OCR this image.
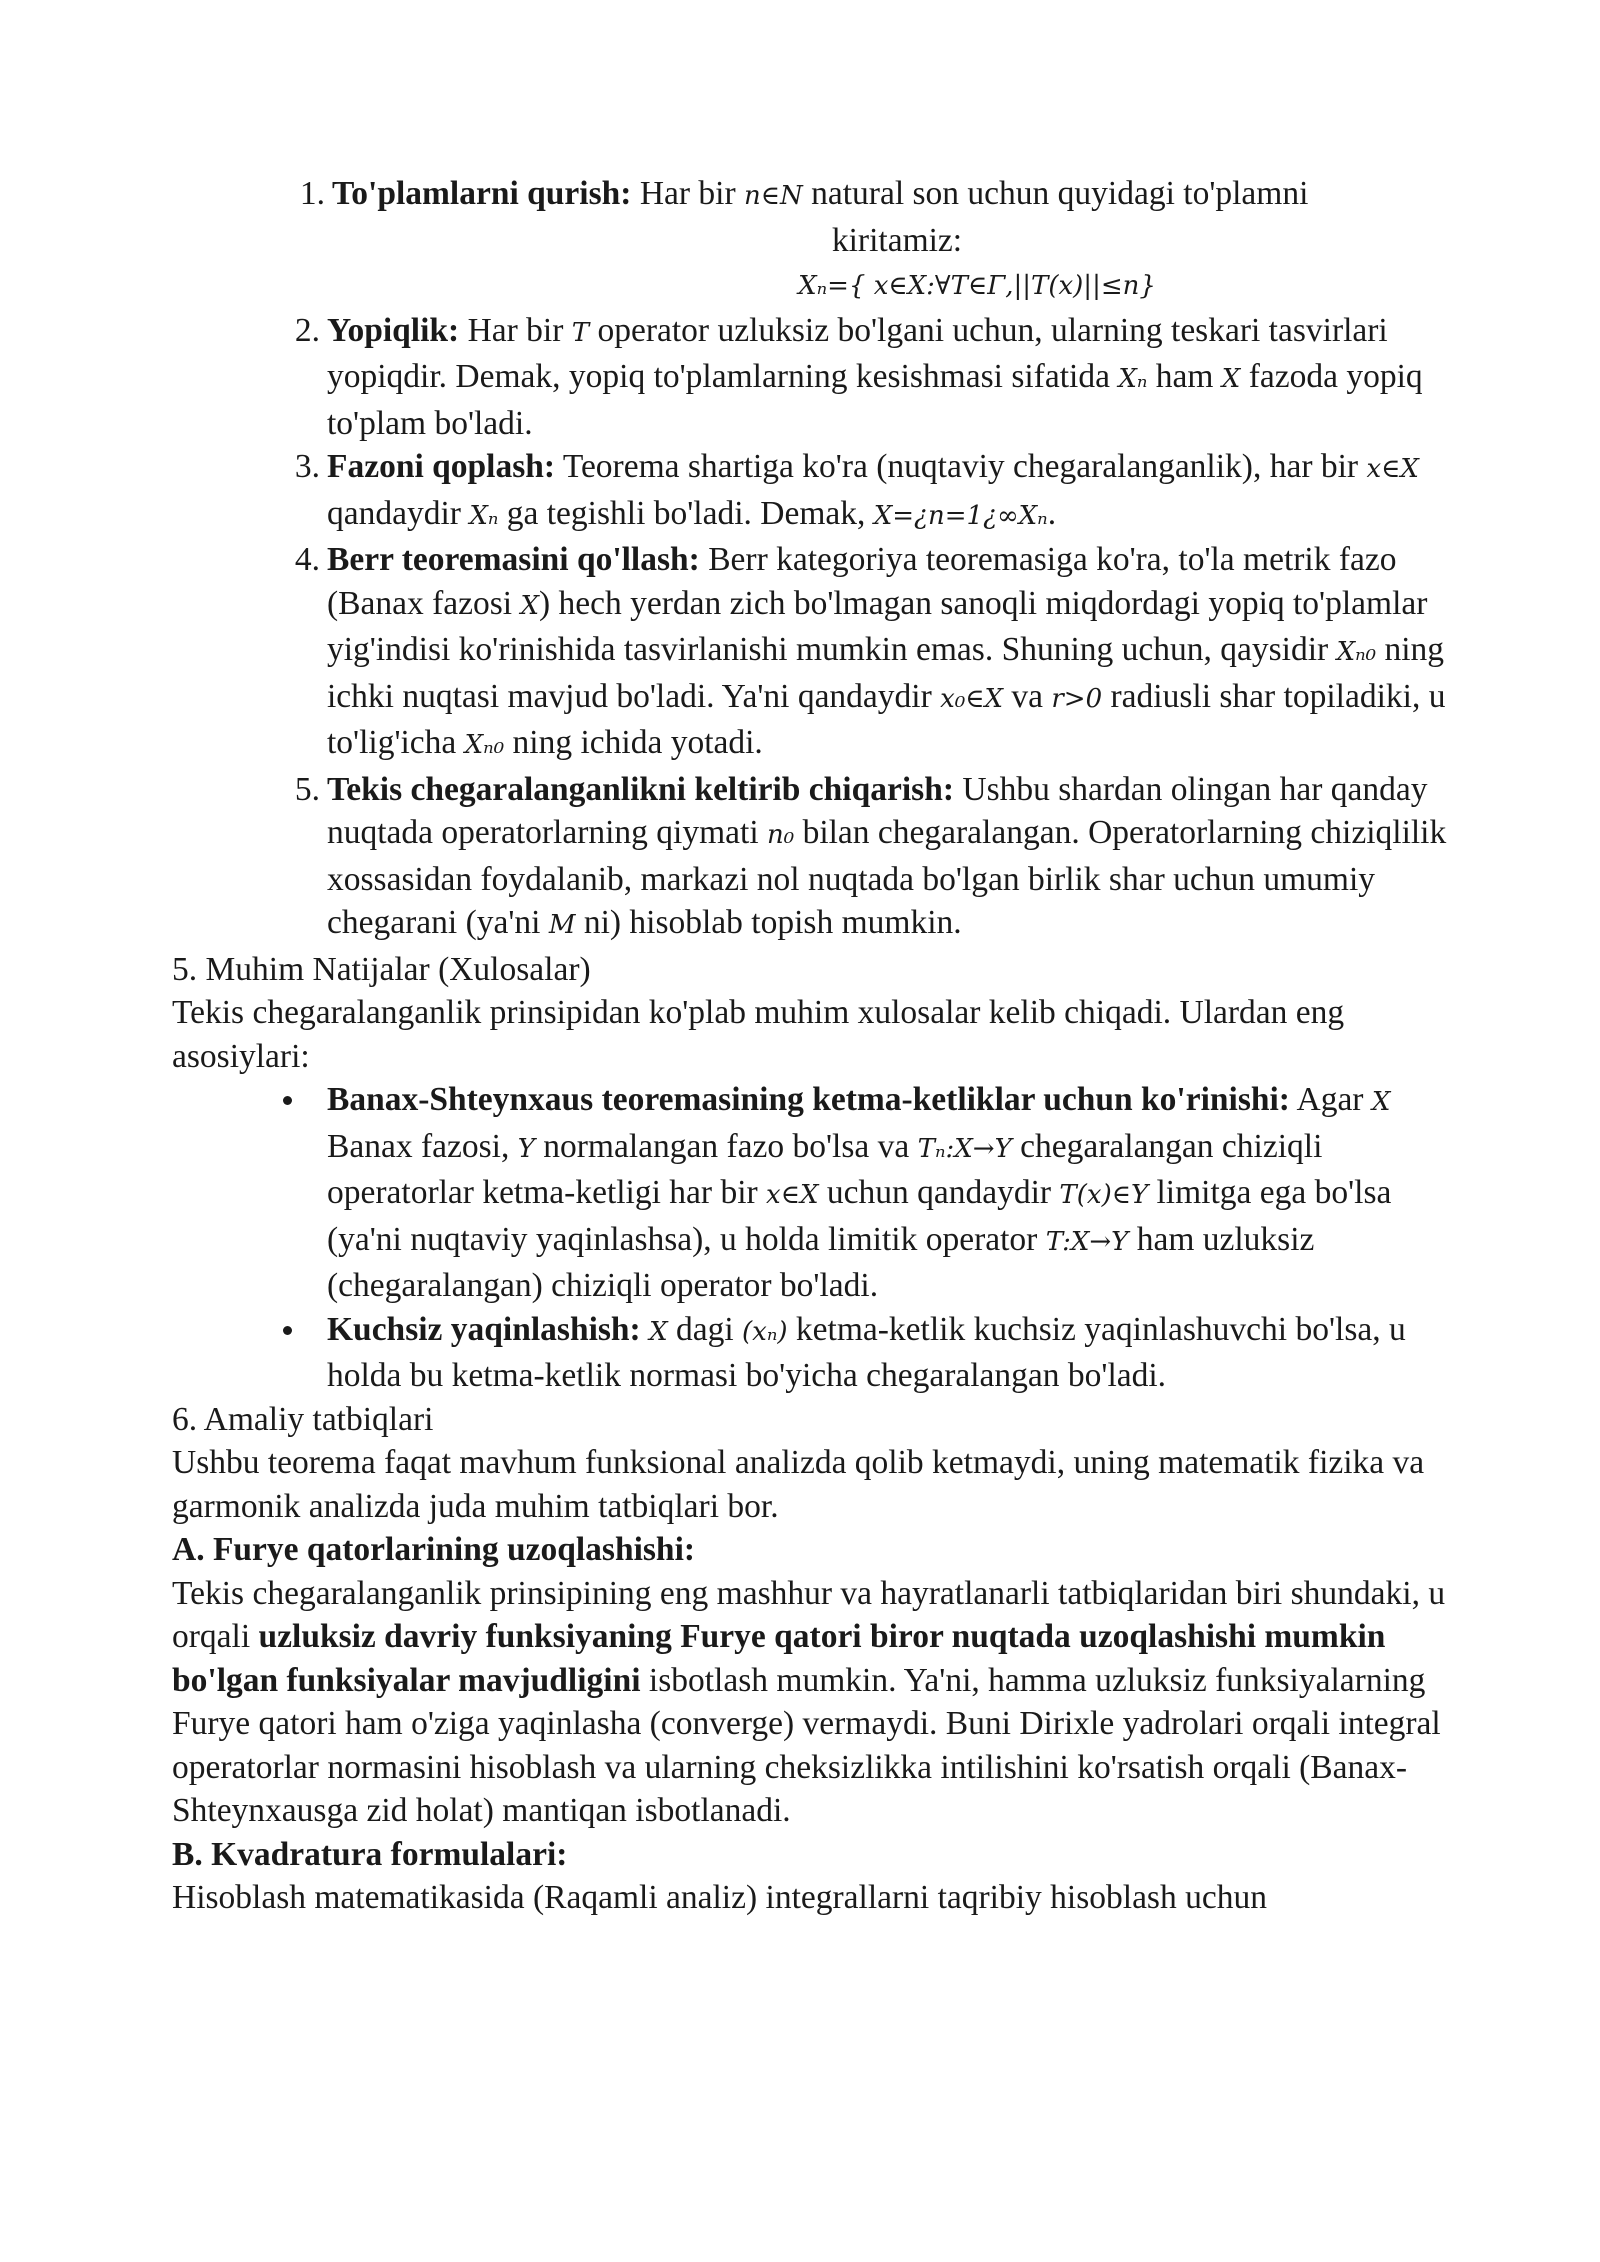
1. To'plamlarni qurish: Har bir n∈N natural son uchun quyidagi to'plamni

kiritamiz:

Xₙ={ x∈X:∀T∈Γ,||T(x)||≤n}

2. Yopiqlik: Har bir T operator uzluksiz bo'lgani uchun, ularning teskari tasvirlari yopiqdir. Demak, yopiq to'plamlarning kesishmasi sifatida Xₙ ham X fazoda yopiq to'plam bo'ladi.

3. Fazoni qoplash: Teorema shartiga ko'ra (nuqtaviy chegaralanganlik), har bir x∈X qandaydir Xₙ ga tegishli bo'ladi. Demak, X=¿n=1¿∞Xₙ.

4. Berr teoremasini qo'llash: Berr kategoriya teoremasiga ko'ra, to'la metrik fazo (Banax fazosi X) hech yerdan zich bo'lmagan sanoqli miqdordagi yopiq to'plamlar yig'indisi ko'rinishida tasvirlanishi mumkin emas. Shuning uchun, qaysidir Xₙ₀ ning ichki nuqtasi mavjud bo'ladi. Ya'ni qandaydir x₀∈X va r>0 radiusli shar topiladiki, u to'lig'icha Xₙ₀ ning ichida yotadi.

5. Tekis chegaralanganlikni keltirib chiqarish: Ushbu shardan olingan har qanday nuqtada operatorlarning qiymati n₀ bilan chegaralangan. Operatorlarning chiziqlilik xossasidan foydalanib, markazi nol nuqtada bo'lgan birlik shar uchun umumiy chegarani (ya'ni M ni) hisoblab topish mumkin.

5. Muhim Natijalar (Xulosalar)

Tekis chegaralanganlik prinsipidan ko'plab muhim xulosalar kelib chiqadi. Ulardan eng asosiylari:

Banax-Shteynxaus teoremasining ketma-ketliklar uchun ko'rinishi: Agar X Banax fazosi, Y normalangan fazo bo'lsa va Tₙ:X→Y chegaralangan chiziqli operatorlar ketma-ketligi har bir x∈X uchun qandaydir T(x)∈Y limitga ega bo'lsa (ya'ni nuqtaviy yaqinlashsa), u holda limitik operator T:X→Y ham uzluksiz (chegaralangan) chiziqli operator bo'ladi.

Kuchsiz yaqinlashish: X dagi (xₙ) ketma-ketlik kuchsiz yaqinlashuvchi bo'lsa, u holda bu ketma-ketlik normasi bo'yicha chegaralangan bo'ladi.

6. Amaliy tatbiqlari

Ushbu teorema faqat mavhum funksional analizda qolib ketmaydi, uning matematik fizika va garmonik analizda juda muhim tatbiqlari bor.

A. Furye qatorlarining uzoqlashishi:

Tekis chegaralanganlik prinsipining eng mashhur va hayratlanarli tatbiqlaridan biri shundaki, u orqali uzluksiz davriy funksiyaning Furye qatori biror nuqtada uzoqlashishi mumkin bo'lgan funksiyalar mavjudligini isbotlash mumkin. Ya'ni, hamma uzluksiz funksiyalarning Furye qatori ham o'ziga yaqinlasha (converge) vermaydi. Buni Dirixle yadrolari orqali integral operatorlar normasini hisoblash va ularning cheksizlikka intilishini ko'rsatish orqali (Banax-Shteynxausga zid holat) mantiqan isbotlanadi.

B. Kvadratura formulalari:

Hisoblash matematikasida (Raqamli analiz) integrallarni taqribiy hisoblash uchun
